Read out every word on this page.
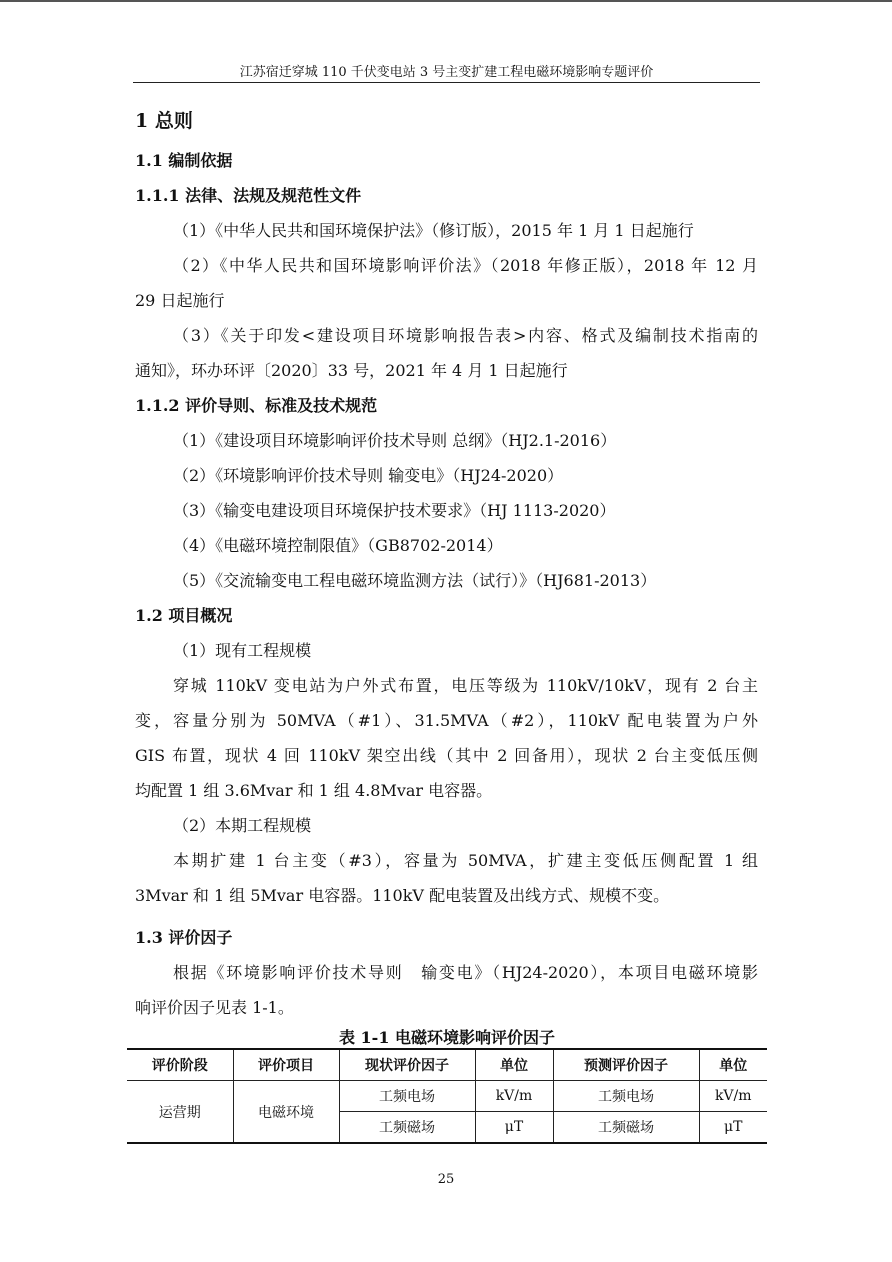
江苏宿迁穿城 110 千伏变电站 3 号主变扩建工程电磁环境影响专题评价
1 总则
1.1 编制依据
1.1.1 法律、法规及规范性文件
（1）《中华人民共和国环境保护法》（修订版），2015 年 1 月 1 日起施行
（2）《中华人民共和国环境影响评价法》（2018 年修正版），2018 年 12 月
29 日起施行
（3）《关于印发<建设项目环境影响报告表>内容、格式及编制技术指南的
通知》，环办环评〔2020〕33 号，2021 年 4 月 1 日起施行
1.1.2 评价导则、标准及技术规范
（1）《建设项目环境影响评价技术导则 总纲》（HJ2.1-2016）
（2）《环境影响评价技术导则 输变电》（HJ24-2020）
（3）《输变电建设项目环境保护技术要求》（HJ 1113-2020）
（4）《电磁环境控制限值》（GB8702-2014）
（5）《交流输变电工程电磁环境监测方法（试行）》（HJ681-2013）
1.2 项目概况
（1）现有工程规模
穿城 110kV 变电站为户外式布置，电压等级为 110kV/10kV，现有 2 台主
变，容量分别为 50MVA（#1）、31.5MVA（#2），110kV 配电装置为户外
GIS 布置，现状 4 回 110kV 架空出线（其中 2 回备用），现状 2 台主变低压侧
均配置 1 组 3.6Mvar 和 1 组 4.8Mvar 电容器。
（2）本期工程规模
本期扩建 1 台主变（#3），容量为 50MVA，扩建主变低压侧配置 1 组
3Mvar 和 1 组 5Mvar 电容器。110kV 配电装置及出线方式、规模不变。
1.3 评价因子
根据《环境影响评价技术导则　输变电》（HJ24-2020），本项目电磁环境影
响评价因子见表 1-1。
表 1-1 电磁环境影响评价因子
评价阶段	评价项目	现状评价因子	单位	预测评价因子	单位
运营期	电磁环境	工频电场	kV/m	工频电场	kV/m
		工频磁场	μT	工频磁场	μT
25
